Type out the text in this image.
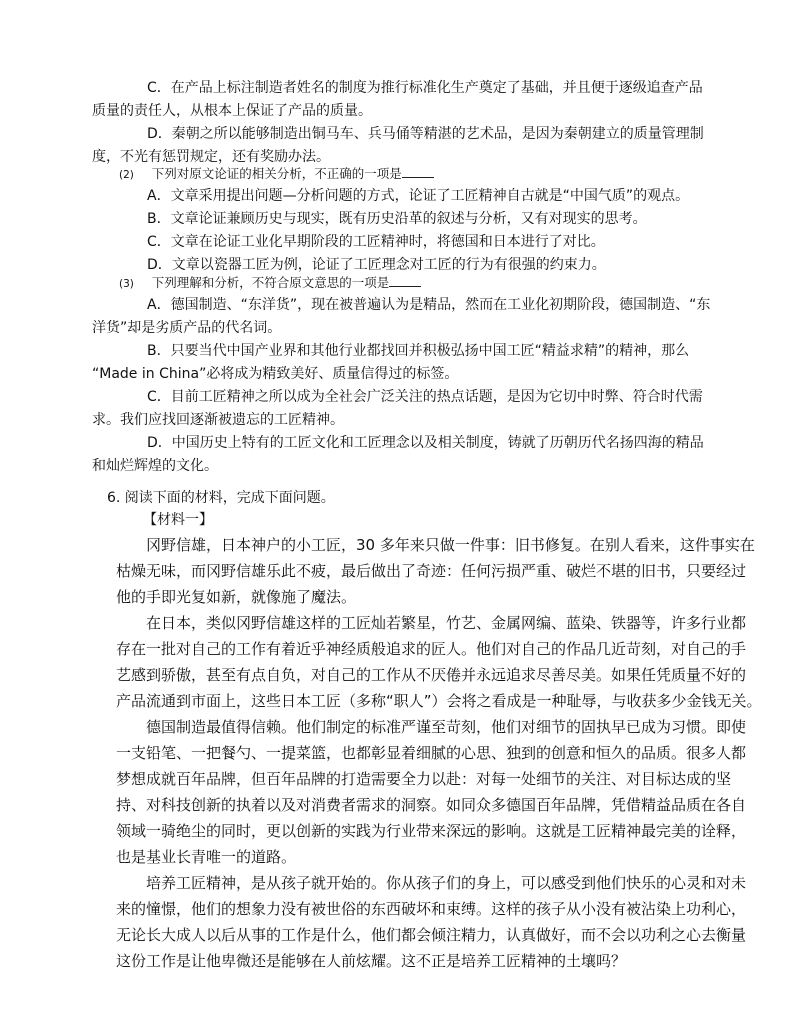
C．在产品上标注制造者姓名的制度为推行标准化生产奠定了基础，并且便于逐级追查产品
质量的责任人，从根本上保证了产品的质量。
D．秦朝之所以能够制造出铜马车、兵马俑等精湛的艺术品，是因为秦朝建立的质量管理制
度，不光有惩罚规定，还有奖励办法。
(2) 下列对原文论证的相关分析，不正确的一项是
A．文章采用提出问题—分析问题的方式，论证了工匠精神自古就是“中国气质”的观点。
B．文章论证兼顾历史与现实，既有历史沿革的叙述与分析，又有对现实的思考。
C．文章在论证工业化早期阶段的工匠精神时，将德国和日本进行了对比。
D．文章以瓷器工匠为例，论证了工匠理念对工匠的行为有很强的约束力。
(3) 下列理解和分析，不符合原文意思的一项是
A．德国制造、“东洋货”，现在被普遍认为是精品，然而在工业化初期阶段，德国制造、“东
洋货”却是劣质产品的代名词。
B．只要当代中国产业界和其他行业都找回并积极弘扬中国工匠“精益求精”的精神，那么
“Made in China”必将成为精致美好、质量信得过的标签。
C．目前工匠精神之所以成为全社会广泛关注的热点话题，是因为它切中时弊、符合时代需
求。我们应找回逐渐被遗忘的工匠精神。
D．中国历史上特有的工匠文化和工匠理念以及相关制度，铸就了历朝历代名扬四海的精品
和灿烂辉煌的文化。
6. 阅读下面的材料，完成下面问题。
【材料一】
冈野信雄，日本神户的小工匠，30 多年来只做一件事：旧书修复。在别人看来，这件事实在
枯燥无味，而冈野信雄乐此不疲，最后做出了奇迹：任何污损严重、破烂不堪的旧书，只要经过
他的手即光复如新，就像施了魔法。
在日本，类似冈野信雄这样的工匠灿若繁星，竹艺、金属网编、蓝染、铁器等，许多行业都
存在一批对自己的工作有着近乎神经质般追求的匠人。他们对自己的作品几近苛刻，对自己的手
艺感到骄傲，甚至有点自负，对自己的工作从不厌倦并永远追求尽善尽美。如果任凭质量不好的
产品流通到市面上，这些日本工匠（多称“职人”）会将之看成是一种耻辱，与收获多少金钱无关。
德国制造最值得信赖。他们制定的标准严谨至苛刻，他们对细节的固执早已成为习惯。即使
一支铅笔、一把餐勺、一提菜篮，也都彰显着细腻的心思、独到的创意和恒久的品质。很多人都
梦想成就百年品牌，但百年品牌的打造需要全力以赴：对每一处细节的关注、对目标达成的坚
持、对科技创新的执着以及对消费者需求的洞察。如同众多德国百年品牌，凭借精益品质在各自
领域一骑绝尘的同时，更以创新的实践为行业带来深远的影响。这就是工匠精神最完美的诠释，
也是基业长青唯一的道路。
培养工匠精神，是从孩子就开始的。你从孩子们的身上，可以感受到他们快乐的心灵和对未
来的憧憬，他们的想象力没有被世俗的东西破坏和束缚。这样的孩子从小没有被沾染上功利心，
无论长大成人以后从事的工作是什么，他们都会倾注精力，认真做好，而不会以功利之心去衡量
这份工作是让他卑微还是能够在人前炫耀。这不正是培养工匠精神的土壤吗？
